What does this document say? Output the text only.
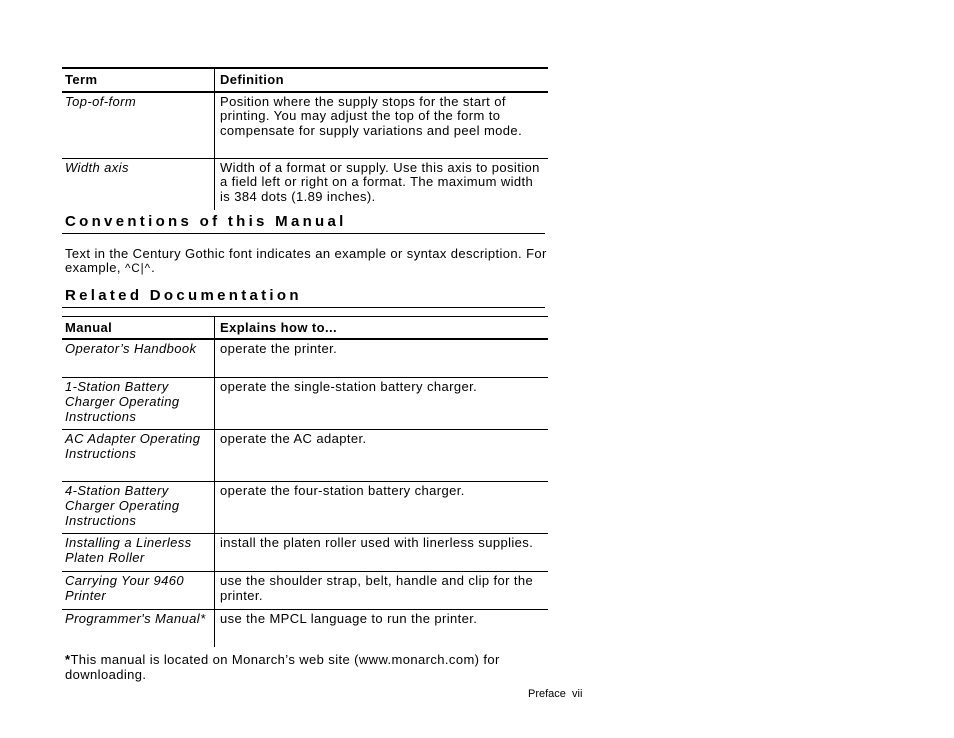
Term	Definition
Top-of-form	Position where the supply stops for the start of printing. You may adjust the top of the form to compensate for supply variations and peel mode.
Width axis	Width of a format or supply. Use this axis to position a field left or right on a format. The maximum width is 384 dots (1.89 inches).
Conventions of this Manual
Text in the Century Gothic font indicates an example or syntax description. For example, ^C|^.
Related Documentation
Manual	Explains how to...
Operator’s Handbook	operate the printer.
1-Station Battery Charger Operating Instructions	operate the single-station battery charger.
AC Adapter Operating Instructions	operate the AC adapter.
4-Station Battery Charger Operating Instructions	operate the four-station battery charger.
Installing a Linerless Platen Roller	install the platen roller used with linerless supplies.
Carrying Your 9460 Printer	use the shoulder strap, belt, handle and clip for the printer.
Programmer's Manual*	use the MPCL language to run the printer.
*This manual is located on Monarch’s web site (www.monarch.com) for downloading.
Preface vii
